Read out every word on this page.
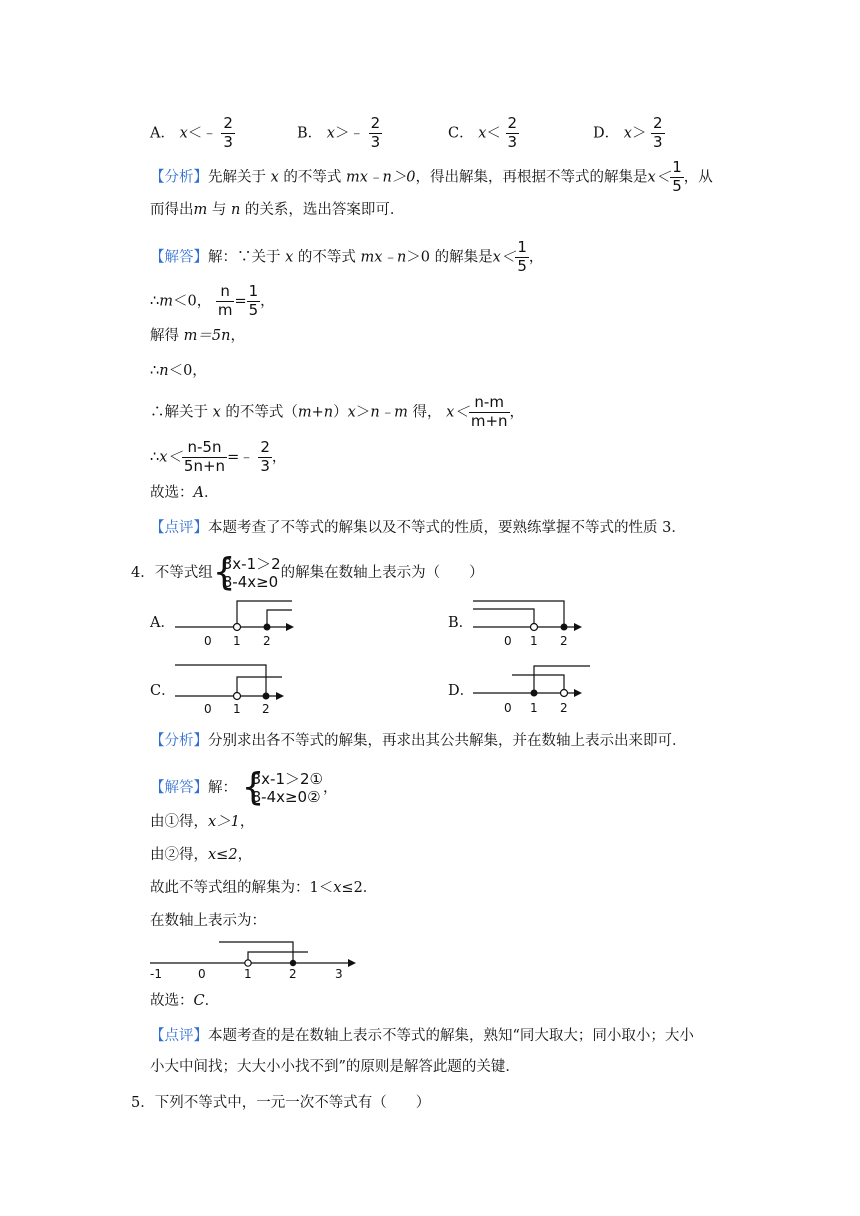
A． x＜﹣ $\frac{2}{3}$	B． x＞﹣ $\frac{2}{3}$	C． $x< \frac{2}{3}$	D． $x> \frac{2}{3}$
【分析】先解关于 x 的不等式 mx﹣n＞0，得出解集，再根据不等式的解集是$x< \frac{1}{5}$ ，从
而得出m 与 n 的关系，选出答案即可．
【解答】解：∵关于 x 的不等式 mx﹣n＞0 的解集是$x< \frac{1}{5}$ ，
∴m＜0， $\frac{n}{m} = \frac{1}{5}$ ，
解得 m＝5n，
∴n＜0，
∴解关于 x 的不等式（m+n）x＞n﹣m 得， $x< \frac{n-m}{m+n}$ ，
∴x＜ $\frac{n-5n}{5n+n}$ =﹣ $\frac{2}{3}$ ，
故选：A．
【点评】本题考查了不等式的解集以及不等式的性质，要熟练掌握不等式的性质 3．
4．不等式组 {
3x-1＞2
8-4x≥0 的解集在数轴上表示为（　　）
A．
0 1 2
B．
0 1 2
C．
0 1 2
D．
0 1 2
【分析】分别求出各不等式的解集，再求出其公共解集，并在数轴上表示出来即可．
【解答】解： {
3x-1＞2①
8-4x≥0② ，
由①得，x＞1，
由②得，x≤2，
故此不等式组的解集为：1＜x≤2．
在数轴上表示为：
-1	0	1	2	3
故选：C．
【点评】本题考查的是在数轴上表示不等式的解集，熟知“同大取大；同小取小；大小
小大中间找；大大小小找不到”的原则是解答此题的关键．
5．下列不等式中，一元一次不等式有（　　）
